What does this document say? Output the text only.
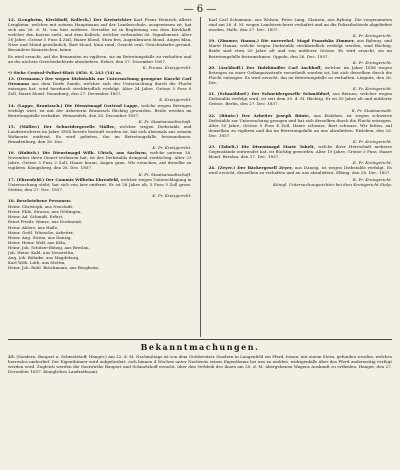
— 6 —

12. (Lengheim, Kirchhoff, Kolleck.) Der Kreisrichter Karl Franz Heinrich Albert Lengheim, welcher mit seinem Hauptmann auf der Landesschule, ausgewiesen ist, hat sich am 26. d. M. von hier entfernt. Derselbe ist in Begleitung von dem Kirchhoff, welcher den Karren zieht, und dem Kolleck, welcher verbunden ist. Signalement: Alter 28 Jahre, Grösse 5 Fuss 4 Zoll, Haare blond, Stirn frei, Augenbrauen blond, Augen blau, Nase und Mund gewöhnlich, Bart blond, Kinn rund, Gesicht oval, Gesichtsfarbe gesund. Besondere Kennzeichen: keine.

Es wird ersucht, auf die Benannten zu vigiliren, sie im Betretungsfalle zu verhaften und an die nächste Gerichtsbehörde abzuliefern. Erfurt, den 27. December 1857.

K. Preuss. Kreisgericht.

*) Siehe Central-Polizei-Blatt 1856. S. 243 (14) ac.

13. (Oremann.) Der wegen Diebstahls zur Untersuchung gezogene Knecht Carl Oremann aus dem Dorfe Sande, welcher sich der Untersuchung durch die Flucht entzogen hat, wird hierdurch steckbrieflich verfolgt. Alter 24 Jahre, Grösse 5 Fuss 6 Zoll, Haare blond. Naumburg, den 27. December 1857.

K. Kreisgericht.

14. (Lappe, Brantzsch.) Die Dienstmagd Gertrud Lappe, welche wegen Betruges verfolgt wird, ist mit der Arbeiterin Brantzsch flüchtig geworden. Beide werden im Betretungsfalle verhaftet. Weissenfels, den 26. December 1857.

K. Pr. Staatsanwaltschaft.

15. (Mäller.) Der Schneidergeselle Mäller, welcher wegen Diebstahls und Landstreicherei im Jahre 1854 bereits bestraft worden ist, hat sich abermals aus seinem Wohnorte entfernt. Es wird gebeten, ihn im Betretungsfalle festzunehmen. Brandenburg, den 26. Dec.

K. Pr. Kreisgericht.

16. (Habich.) Die Dienstmagd Wilh. Ulrich, aus Sachsen, welche unterm 30. November ihren Dienst verlassen hat, ist des Diebstahls dringend verdächtig. Alter 23 Jahre, Grösse 5 Fuss 2 Zoll, Haare braun, Augen grau. Wir ersuchen, auf dieselbe zu vigiliren. Königsberg, den 26. Dec. 1857.

K. Pr. Staatsanwaltschaft.

17. (Ehrenfeld.) Der Commis Wilhelm Ehrenfeld, welcher wegen Unterschlagung in Untersuchung steht, hat sich von hier entfernt. Er ist 26 Jahre alt, 5 Fuss 5 Zoll gross. Stettin, den 27. Dec. 1857.

K. Pr. Kreisgericht.

18. Beschriebene Personen:

Heinr. Christoph, aus Neustadt,
Heinr. Ehle, Strasse, aus Göttingen,
Heinr. Ad. Schmidt, Erfurt,
Ernst Friedr. Wanze, aus Dortmund,
Heinr. Ahlers, aus Halle,
Heinr. Gottl. Wünsche, Arbeiter,
Heinr. Aug. Ström, aus Danzig,
Heinr. Heinr. Wolf, aus Köln,
Heinr. Joh. Schütze-Bötzig, aus Breslau,
Joh. Heinr. Kahl, aus Neustettin,
Aug. Joh. Böhnke, aus Magdeburg,
Karl Wilh. Lüth, aus Stettin,
Heinr. Joh. Ruhl. Brückmann, aus Bergheim,

Karl Carl Schumann, aus Wolsen, Peter Lang, Glanzen, aus Ryburg. Die vorgenannten sind am 26. d. M. wegen Landstreicherei verhaftet und an die Polizeibehörde abgeliefert worden. Halle, den 27. Dec. 1857.

K. Pr. Kreisgericht.

19. (Zimmer, Hanna.) Die unverehel. Magd Franziska Zimmer, aus Ryburg, und Marie Hanna, welche wegen Diebstahls steckbrieflich verfolgt werden, sind flüchtig. Beide sind etwa 20 Jahre alt und von mittlerer Grösse. Es wird ersucht, sie im Betretungsfalle festzunehmen. Oppeln, den 26. Dec. 1857.

K. Pr. Kreisgericht.

20. (Aschhoff.) Der Holzhändler Carl Aschhoff, welcher im Jahre 1856 wegen Betruges zu einer Gefängnissstrafe verurtheilt worden ist, hat sich derselben durch die Flucht entzogen. Es wird ersucht, ihn im Betretungsfalle zu verhaften. Liegnitz, den 26. Dec.

K. Pr. Kreisgericht.

21. (Schmöldorf.) Der Schneidergeselle Schmöldorf, aus Bernau, welcher wegen Diebstahls verfolgt wird, ist seit dem 20. d. M. flüchtig. Er ist 30 Jahre alt und mittlerer Grösse. Berlin, den 27. Dec. 1857.

K. Pr. Staatsanwalt.

22. (Bünte.) Der Arbeiter Joseph Bünte, aus Eisleben, ist wegen schweren Diebstahls zur Untersuchung gezogen und hat sich derselben durch die Flucht entzogen. Alter 35 Jahre, Grösse 5 Fuss 4 Zoll, Haare schwarz, Bart schwarz. Wir bitten, auf denselben zu vigiliren und ihn im Betretungsfalle an uns abzuliefern. Eisleben, den 26. Dec. 1857.

K. Pr. Kreisgericht.

23. (Tabelt.) Die Dienstmagd Marie Tabelt, welche ihrer Herrschaft mehrere Gegenstände entwendet hat, ist flüchtig geworden. Alter 19 Jahre, Grösse 5 Fuss, Haare blond. Breslau, den 27. Dec. 1857.

K. Pr. Kreisgericht.

24. (Zeyer.) Der Bäckergesell Zeyer, aus Danzig, ist wegen Diebstahls verfolgt. Es wird ersucht, denselben zu verhaften und an uns abzuliefern. Elbing, den 26. Dec. 1857.

K. Pr. Kreisgericht.
Königl. Untersuchungsrichter bei dem Kreisgericht Stolp.
Bekanntmachungen.
25. (Sondern, Baupert u. Schmelzhoff, Hanger.) Am 22. d. M. Nachmittags ist von dem Gutsbesitzer Sondern in Langenfeld ein Pferd, braun, mit einem Stern, gefunden worden, welches herrenlos umherlief. Der Eigenthümer wird aufgefordert, sich binnen 4 Wochen unter Nachweis seines Eigenthums bei uns zu melden, widrigenfalls über das Pferd anderweitig verfügt werden wird. Zugleich werden die Gastwirthe Baupert und Schmelzhoff ersucht, über den Verbleib des ihnen am 20. d. M. übergebenen Wagens Auskunft zu ertheilen. Hanger, den 27. December 1857. Königliches Landrathsamt.
